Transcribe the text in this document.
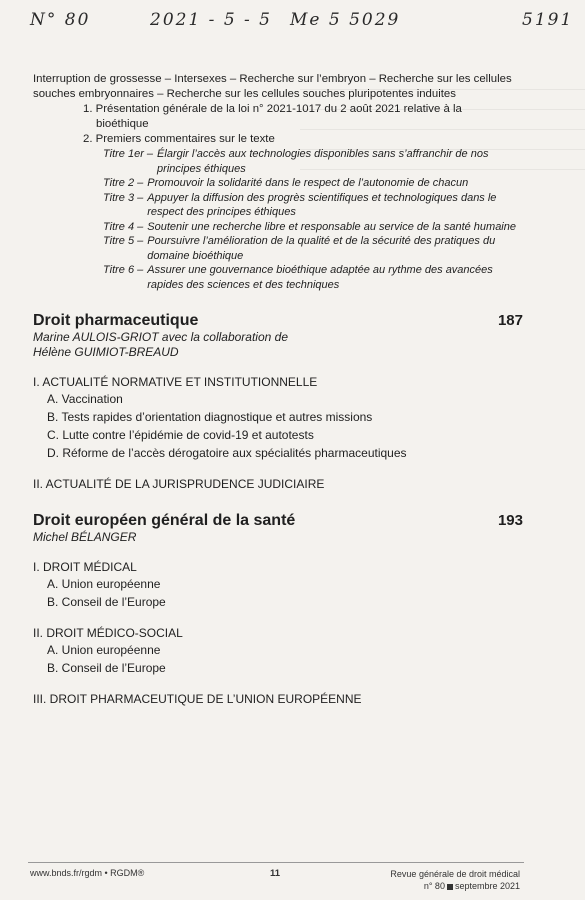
N° 80	2021 - 5 - 5 Me 5 5029	5191

Interruption de grossesse – Intersexes – Recherche sur l’embryon – Recherche sur les cellules souches embryonnaires – Recherche sur les cellules souches pluripotentes induites

1. Présentation générale de la loi n° 2021-1017 du 2 août 2021 relative à la

bioéthique

2. Premiers commentaires sur le texte

Titre 1er – Élargir l’accès aux technologies disponibles sans s’affranchir de nos principes éthiques
Titre 2 – Promouvoir la solidarité dans le respect de l’autonomie de chacun
Titre 3 – Appuyer la diffusion des progrès scientifiques et technologiques dans le respect des principes éthiques
Titre 4 – Soutenir une recherche libre et responsable au service de la santé humaine
Titre 5 – Poursuivre l’amélioration de la qualité et de la sécurité des pratiques du domaine bioéthique
Titre 6 – Assurer une gouvernance bioéthique adaptée au rythme des avancées rapides des sciences et des techniques
Droit pharmaceutique	187
Marine AULOIS-GRIOT avec la collaboration de
Hélène GUIMIOT-BREAUD
I. ACTUALITÉ NORMATIVE ET INSTITUTIONNELLE
A. Vaccination
B. Tests rapides d’orientation diagnostique et autres missions
C. Lutte contre l’épidémie de covid-19 et autotests
D. Réforme de l’accès dérogatoire aux spécialités pharmaceutiques
II. ACTUALITÉ DE LA JURISPRUDENCE JUDICIAIRE
Droit européen général de la santé	193
Michel BÉLANGER
I. DROIT MÉDICAL
A. Union européenne
B. Conseil de l’Europe
II. DROIT MÉDICO-SOCIAL
A. Union européenne
B. Conseil de l’Europe
III. DROIT PHARMACEUTIQUE DE L’UNION EUROPÉENNE
www.bnds.fr/rgdm • RGDM®	11	Revue générale de droit médical
n° 80 septembre 2021
